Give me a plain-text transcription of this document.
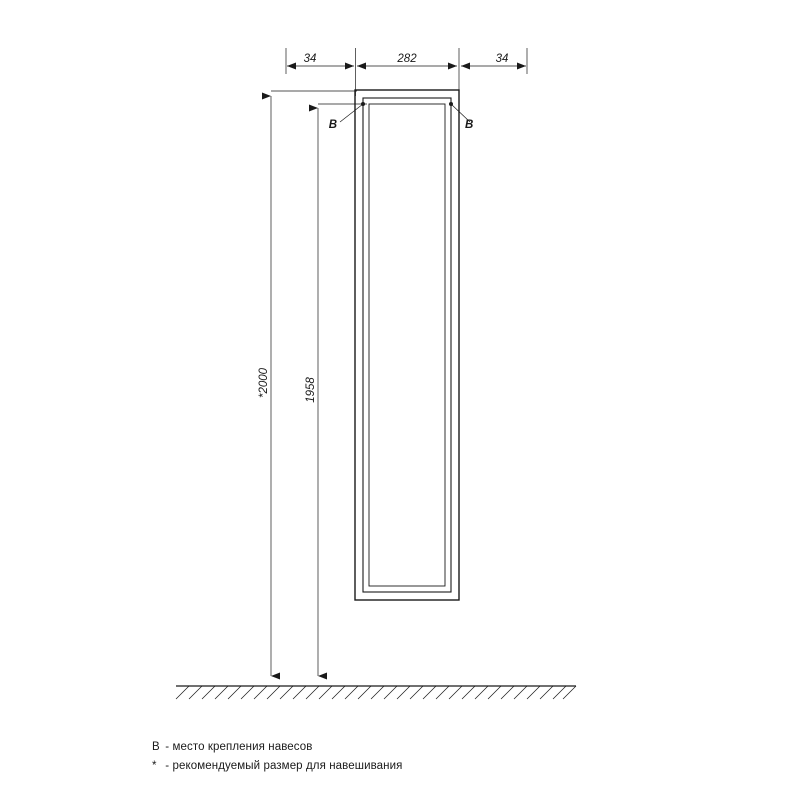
34	282	34
B	B
*2000	1958
B - место крепления навесов
* - рекомендуемый размер для навешивания
